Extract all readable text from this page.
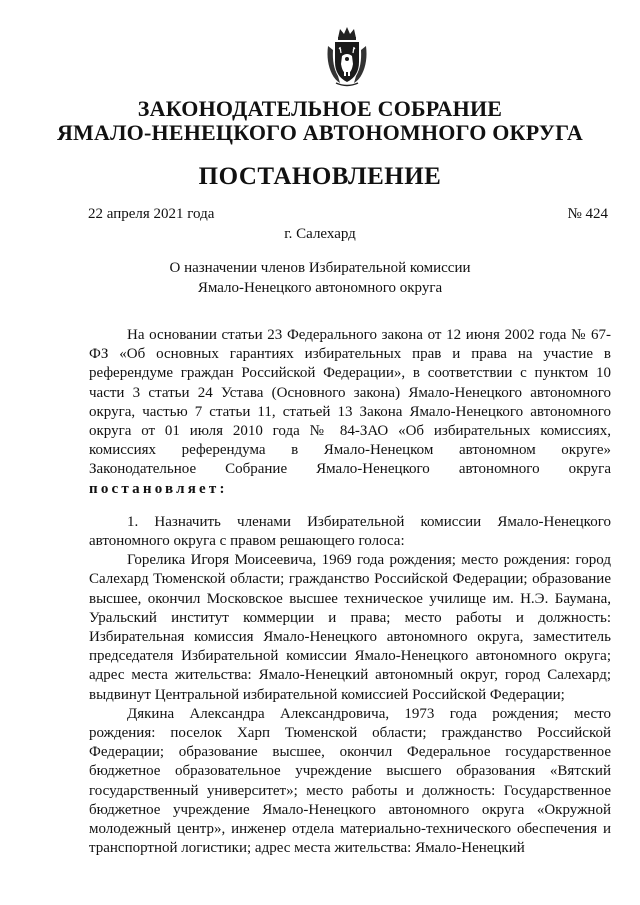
ЗАКОНОДАТЕЛЬНОЕ СОБРАНИЕ
ЯМАЛО-НЕНЕЦКОГО АВТОНОМНОГО ОКРУГА
ПОСТАНОВЛЕНИЕ
22 апреля 2021 года	№ 424
г. Салехард
О назначении членов Избирательной комиссии
Ямало-Ненецкого автономного округа

На основании статьи 23 Федерального закона от 12 июня 2002 года № 67-ФЗ «Об основных гарантиях избирательных прав и права на участие в референдуме граждан Российской Федерации», в соответствии с пунктом 10 части 3 статьи 24 Устава (Основного закона) Ямало-Ненецкого автономного округа, частью 7 статьи 11, статьей 13 Закона Ямало-Ненецкого автономного округа от 01 июля 2010 года № 84-ЗАО «Об избирательных комиссиях, комиссиях референдума в Ямало-Ненецком автономном округе» Законодательное Собрание Ямало-Ненецкого автономного округа постановляет:

1. Назначить членами Избирательной комиссии Ямало-Ненецкого автономного округа с правом решающего голоса:

Горелика Игоря Моисеевича, 1969 года рождения; место рождения: город Салехард Тюменской области; гражданство Российской Федерации; образование высшее, окончил Московское высшее техническое училище им. Н.Э. Баумана, Уральский институт коммерции и права; место работы и должность: Избирательная комиссия Ямало-Ненецкого автономного округа, заместитель председателя Избирательной комиссии Ямало-Ненецкого автономного округа; адрес места жительства: Ямало-Ненецкий автономный округ, город Салехард; выдвинут Центральной избирательной комиссией Российской Федерации;

Дякина Александра Александровича, 1973 года рождения; место рождения: поселок Харп Тюменской области; гражданство Российской Федерации; образование высшее, окончил Федеральное государственное бюджетное образовательное учреждение высшего образования «Вятский государственный университет»; место работы и должность: Государственное бюджетное учреждение Ямало-Ненецкого автономного округа «Окружной молодежный центр», инженер отдела материально-технического обеспечения и транспортной логистики; адрес места жительства: Ямало-Ненецкий
